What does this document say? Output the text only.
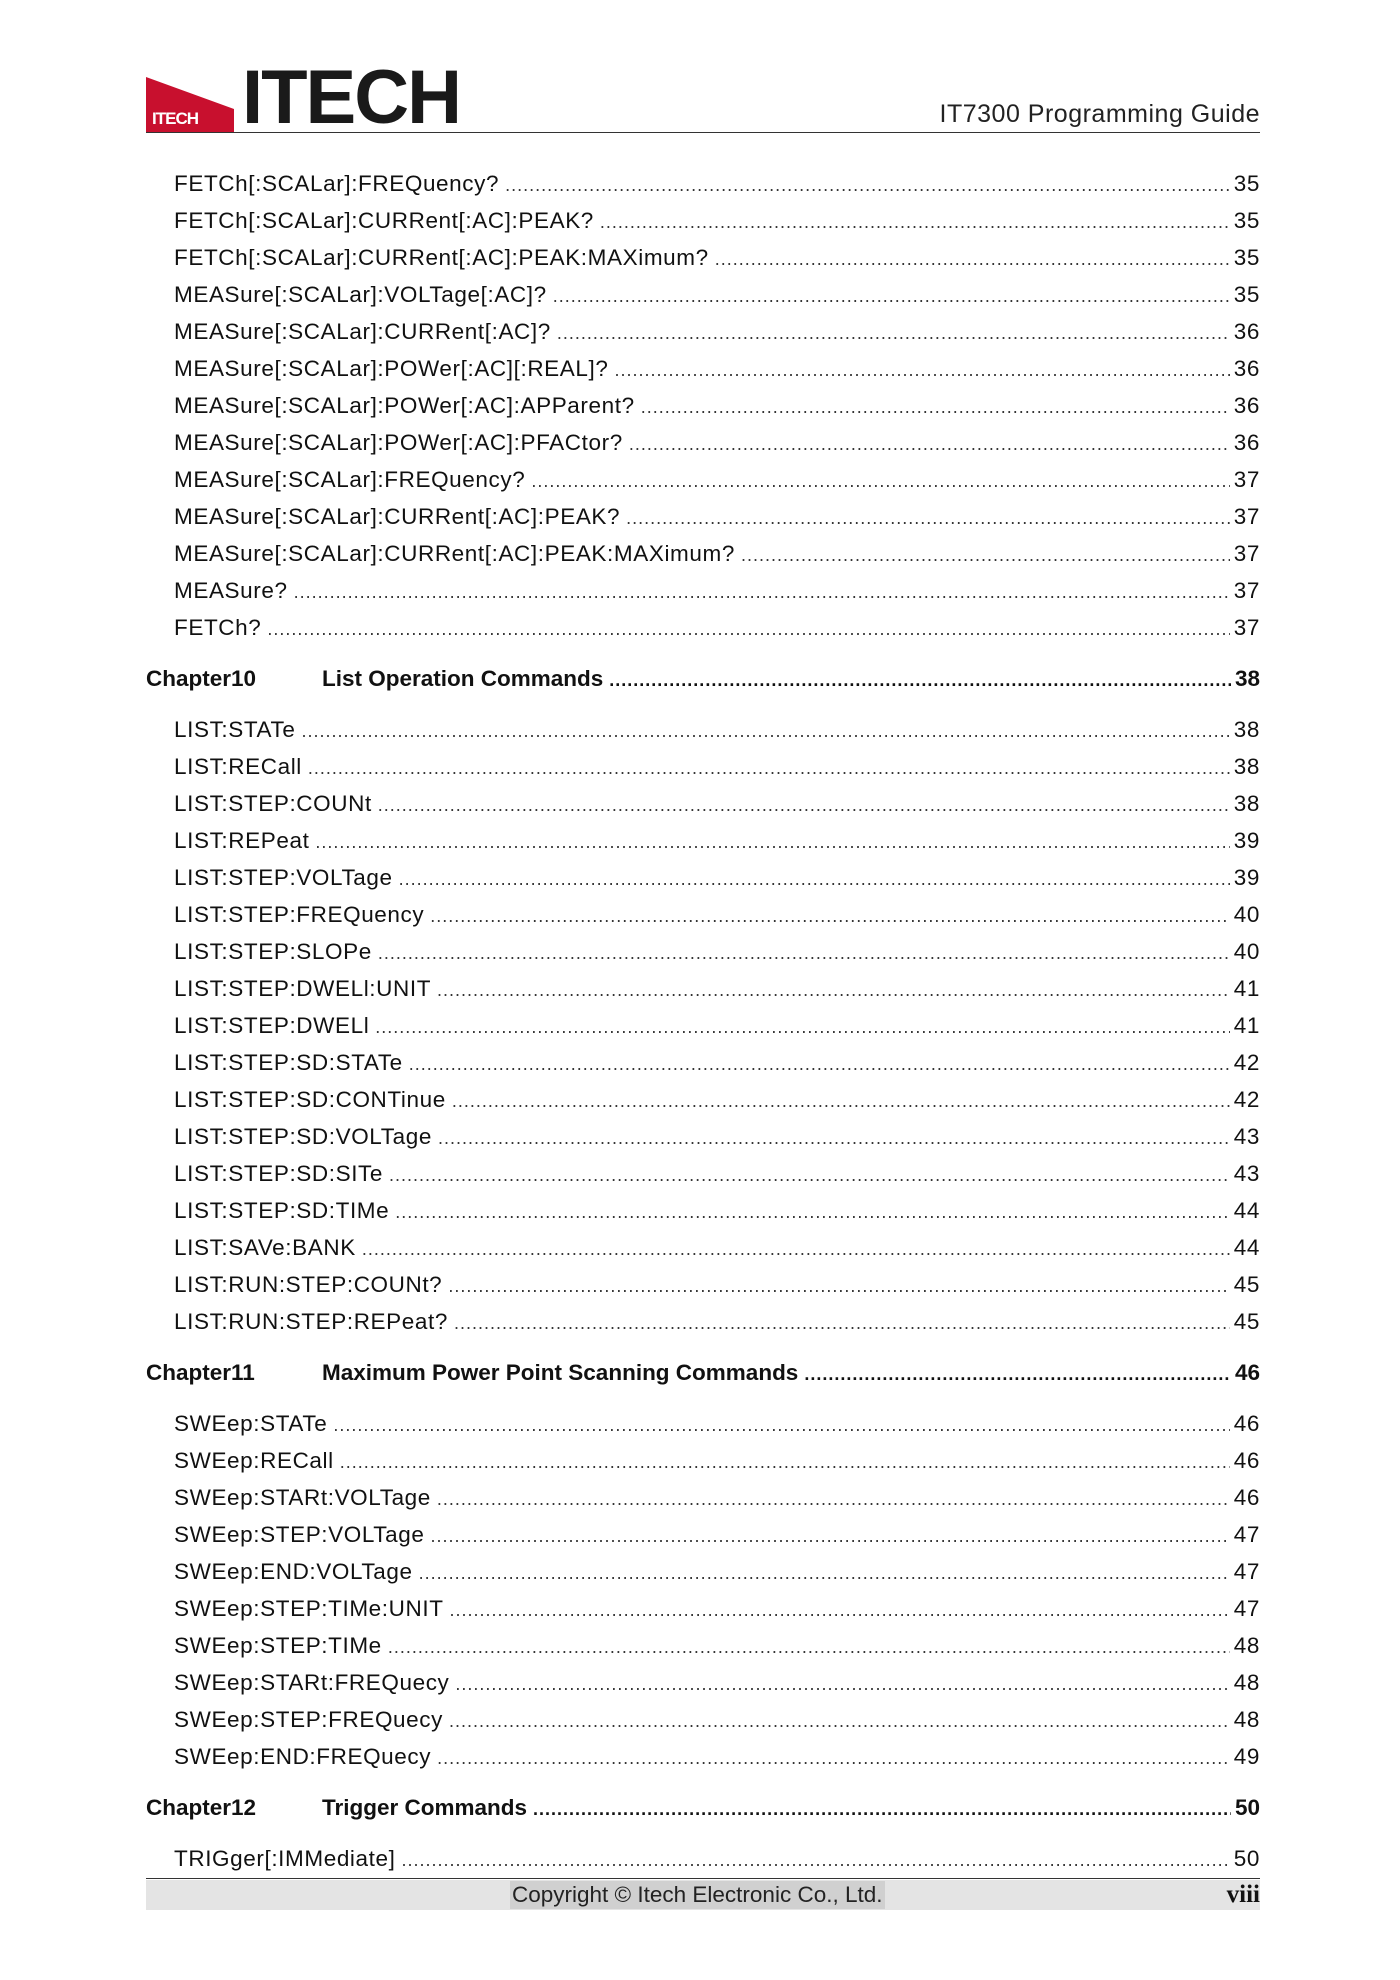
ITECH ITECH	IT7300 Programming Guide
FETCh[:SCALar]:FREQuency? .....	35
FETCh[:SCALar]:CURRent[:AC]:PEAK? .....	35
FETCh[:SCALar]:CURRent[:AC]:PEAK:MAXimum? .....	35
MEASure[:SCALar]:VOLTage[:AC]? .....	35
MEASure[:SCALar]:CURRent[:AC]? .....	36
MEASure[:SCALar]:POWer[:AC][:REAL]? .....	36
MEASure[:SCALar]:POWer[:AC]:APParent? .....	36
MEASure[:SCALar]:POWer[:AC]:PFACtor? .....	36
MEASure[:SCALar]:FREQuency? .....	37
MEASure[:SCALar]:CURRent[:AC]:PEAK? .....	37
MEASure[:SCALar]:CURRent[:AC]:PEAK:MAXimum? .....	37
MEASure? .....	37
FETCh? .....	37
Chapter10	List Operation Commands .....	38
LIST:STATe .....	38
LIST:RECall .....	38
LIST:STEP:COUNt .....	38
LIST:REPeat .....	39
LIST:STEP:VOLTage .....	39
LIST:STEP:FREQuency .....	40
LIST:STEP:SLOPe .....	40
LIST:STEP:DWELl:UNIT .....	41
LIST:STEP:DWELl .....	41
LIST:STEP:SD:STATe .....	42
LIST:STEP:SD:CONTinue .....	42
LIST:STEP:SD:VOLTage .....	43
LIST:STEP:SD:SITe .....	43
LIST:STEP:SD:TIMe .....	44
LIST:SAVe:BANK .....	44
LIST:RUN:STEP:COUNt? .....	45
LIST:RUN:STEP:REPeat? .....	45
Chapter11	Maximum Power Point Scanning Commands .....	46
SWEep:STATe .....	46
SWEep:RECall .....	46
SWEep:STARt:VOLTage .....	46
SWEep:STEP:VOLTage .....	47
SWEep:END:VOLTage .....	47
SWEep:STEP:TIMe:UNIT .....	47
SWEep:STEP:TIMe .....	48
SWEep:STARt:FREQuecy .....	48
SWEep:STEP:FREQuecy .....	48
SWEep:END:FREQuecy .....	49
Chapter12	Trigger Commands .....	50
TRIGger[:IMMediate] .....	50
Copyright © Itech Electronic Co., Ltd.	viii
